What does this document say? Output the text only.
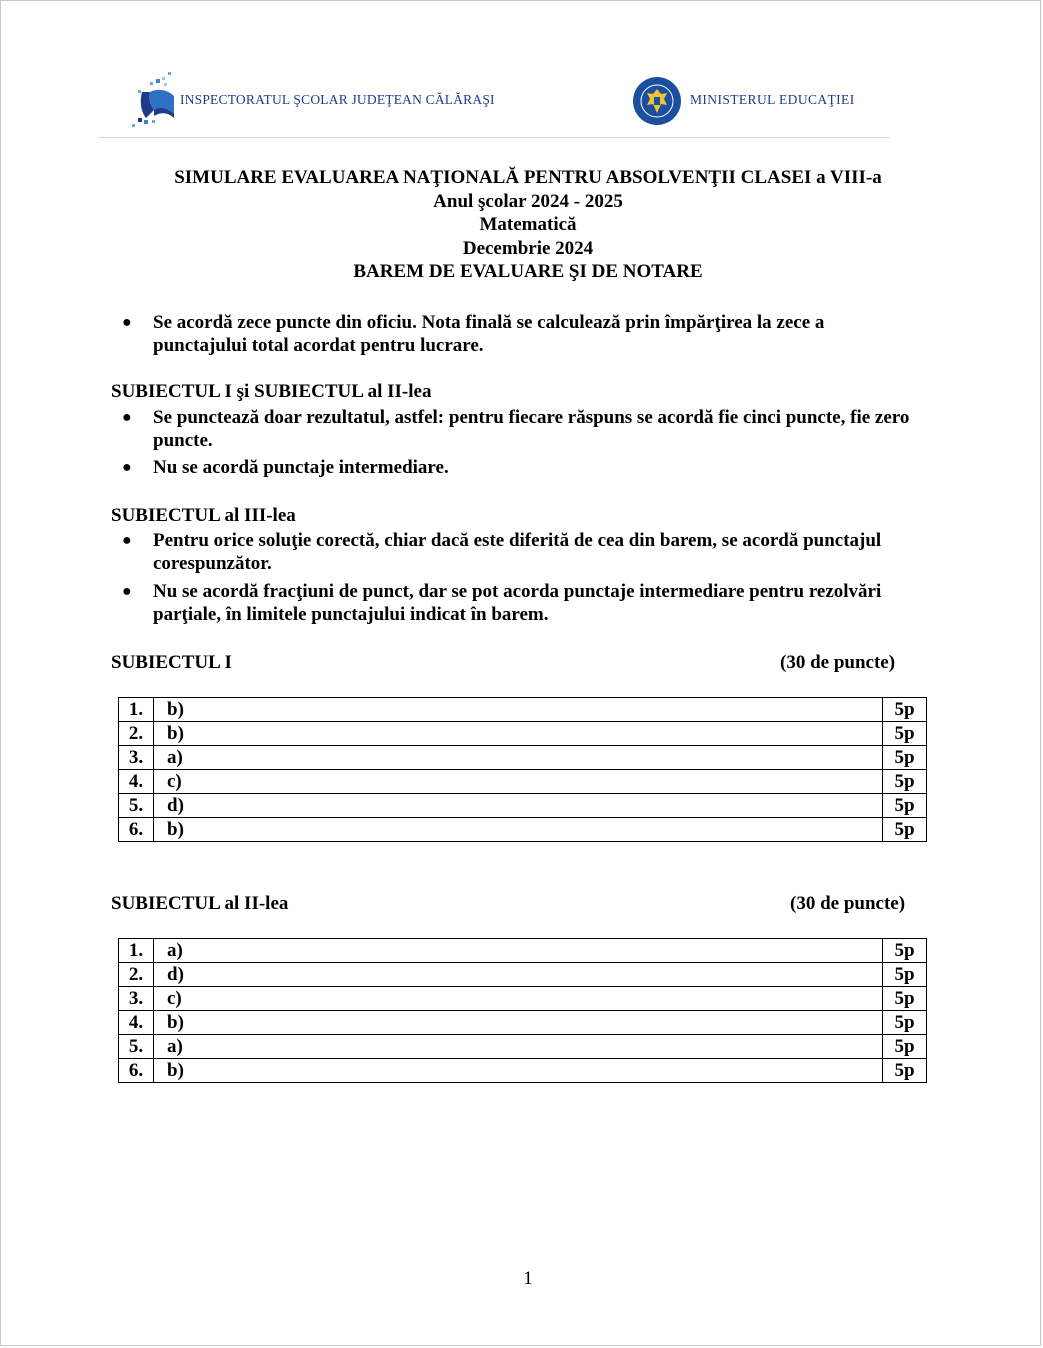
INSPECTORATUL ŞCOLAR JUDEŢEAN CĂLĂRAŞI	MINISTERUL EDUCAŢIEI
SIMULARE EVALUAREA NAŢIONALĂ PENTRU ABSOLVENŢII CLASEI a VIII-a
Anul şcolar 2024 - 2025
Matematică
Decembrie 2024
BAREM DE EVALUARE ŞI DE NOTARE
● Se acordă zece puncte din oficiu. Nota finală se calculează prin împărţirea la zece a punctajului total acordat pentru lucrare.
SUBIECTUL I şi SUBIECTUL al II-lea
● Se punctează doar rezultatul, astfel: pentru fiecare răspuns se acordă fie cinci puncte, fie zero puncte.
● Nu se acordă punctaje intermediare.
SUBIECTUL al III-lea
● Pentru orice soluţie corectă, chiar dacă este diferită de cea din barem, se acordă punctajul corespunzător.
● Nu se acordă fracţiuni de punct, dar se pot acorda punctaje intermediare pentru rezolvări parţiale, în limitele punctajului indicat în barem.
SUBIECTUL I	(30 de puncte)
1.	b)	5p
2.	b)	5p
3.	a)	5p
4.	c)	5p
5.	d)	5p
6.	b)	5p
SUBIECTUL al II-lea	(30 de puncte)
1.	a)	5p
2.	d)	5p
3.	c)	5p
4.	b)	5p
5.	a)	5p
6.	b)	5p
1
